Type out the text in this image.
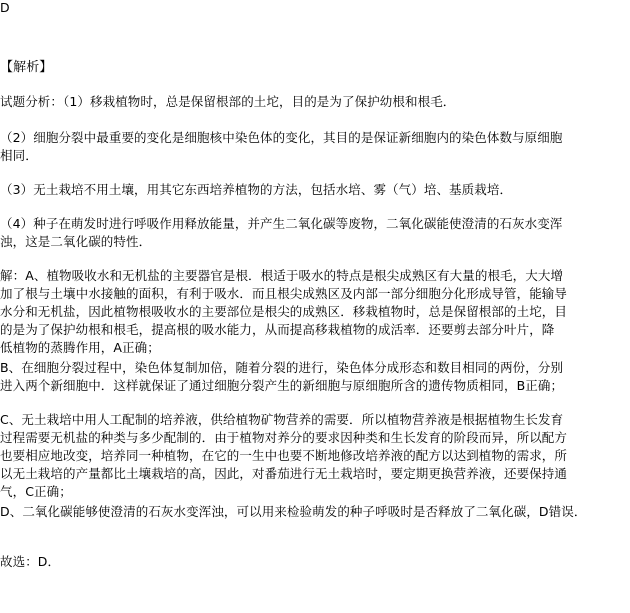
D
【解析】
试题分析：（1）移栽植物时，总是保留根部的土坨，目的是为了保护幼根和根毛．
（2）细胞分裂中最重要的变化是细胞核中染色体的变化，其目的是保证新细胞内的染色体数与原细胞
相同．
（3）无土栽培不用土壤，用其它东西培养植物的方法，包括水培、雾（气）培、基质栽培．
（4）种子在萌发时进行呼吸作用释放能量，并产生二氧化碳等废物，二氧化碳能使澄清的石灰水变浑
浊，这是二氧化碳的特性．
解：A、植物吸收水和无机盐的主要器官是根．根适于吸水的特点是根尖成熟区有大量的根毛，大大增
加了根与土壤中水接触的面积，有利于吸水．而且根尖成熟区及内部一部分细胞分化形成导管，能输导
水分和无机盐，因此植物根吸收水的主要部位是根尖的成熟区．移栽植物时，总是保留根部的土坨，目
的是为了保护幼根和根毛，提高根的吸水能力，从而提高移栽植物的成活率．还要剪去部分叶片，降
低植物的蒸腾作用，A正确；
B、在细胞分裂过程中，染色体复制加倍，随着分裂的进行，染色体分成形态和数目相同的两份，分别
进入两个新细胞中．这样就保证了通过细胞分裂产生的新细胞与原细胞所含的遗传物质相同，B正确；
C、无土栽培中用人工配制的培养液，供给植物矿物营养的需要．所以植物营养液是根据植物生长发育
过程需要无机盐的种类与多少配制的．由于植物对养分的要求因种类和生长发育的阶段而异，所以配方
也要相应地改变，培养同一种植物，在它的一生中也要不断地修改培养液的配方以达到植物的需求，所
以无土栽培的产量都比土壤栽培的高，因此，对番茄进行无土栽培时，要定期更换营养液，还要保持通
气，C正确；
D、二氧化碳能够使澄清的石灰水变浑浊，可以用来检验萌发的种子呼吸时是否释放了二氧化碳，D错误．
故选：D．
